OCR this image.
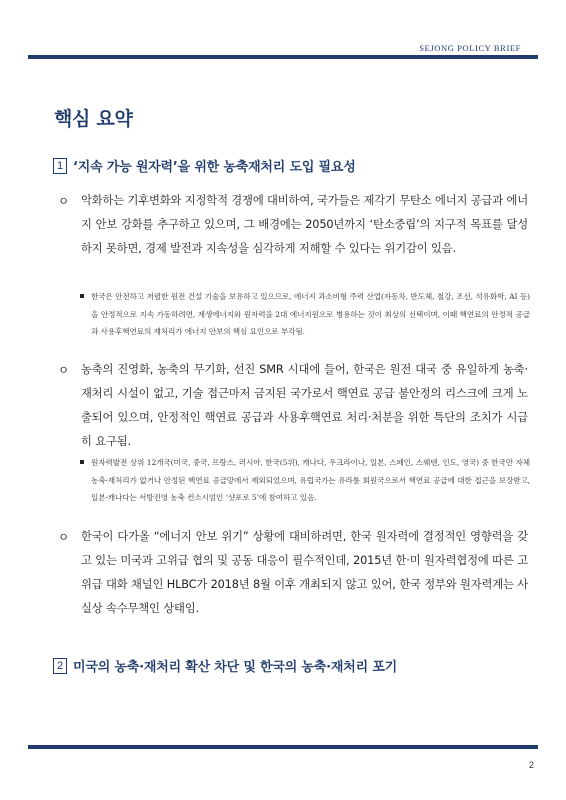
SEJONG POLICY BRIEF
핵심 요약
1 ‘지속 가능 원자력’을 위한 농축재처리 도입 필요성
ㅇ 악화하는 기후변화와 지정학적 경쟁에 대비하여, 국가들은 제각기 무탄소 에너지 공급과 에너지 안보 강화를 추구하고 있으며, 그 배경에는 2050년까지 ‘탄소중립’의 지구적 목표를 달성하지 못하면, 경제 발전과 지속성을 심각하게 저해할 수 있다는 위기감이 있음.

한국은 안전하고 저렴한 원전 건설 기술을 보유하고 있으므로, 에너지 과소비형 주력 산업(자동차, 반도체, 철강, 조선, 석유화학, AI 등)을 안정적으로 지속 가동하려면, 재생에너지와 원자력을 2대 에너지원으로 병용하는 것이 최상의 선택이며, 이때 핵연료의 안정적 공급과 사용후핵연료의 재처리가 에너지 안보의 핵심 요인으로 부각됨.

ㅇ 농축의 진영화, 농축의 무기화, 선진 SMR 시대에 들어, 한국은 원전 대국 중 유일하게 농축·재처리 시설이 없고, 기술 접근마저 금지된 국가로서 핵연료 공급 불안정의 리스크에 크게 노출되어 있으며, 안정적인 핵연료 공급과 사용후핵연료 처리·처분을 위한 특단의 조치가 시급히 요구됨.

원자력발전 상위 12개국(미국, 중국, 프랑스, 러시아, 한국(5위), 캐나다, 우크라이나, 일본, 스페인, 스웨덴, 인도, 영국) 중 한국만 자체 농축·재처리가 없거나 안정된 핵연료 공급망에서 제외되었으며, 유럽국가는 유라톰 회원국으로서 핵연료 공급에 대한 접근을 보장받고, 일본·캐나다는 서방진영 농축 컨소시엄인 ‘샷포로 5’에 참여하고 있음.

ㅇ 한국이 다가올 “에너지 안보 위기” 상황에 대비하려면, 한국 원자력에 결정적인 영향력을 갖고 있는 미국과 고위급 협의 및 공동 대응이 필수적인데, 2015년 한·미 원자력협정에 따른 고위급 대화 채널인 HLBC가 2018년 8월 이후 개최되지 않고 있어, 한국 정부와 원자력계는 사실상 속수무책인 상태임.

2 미국의 농축·재처리 확산 차단 및 한국의 농축·재처리 포기
2
